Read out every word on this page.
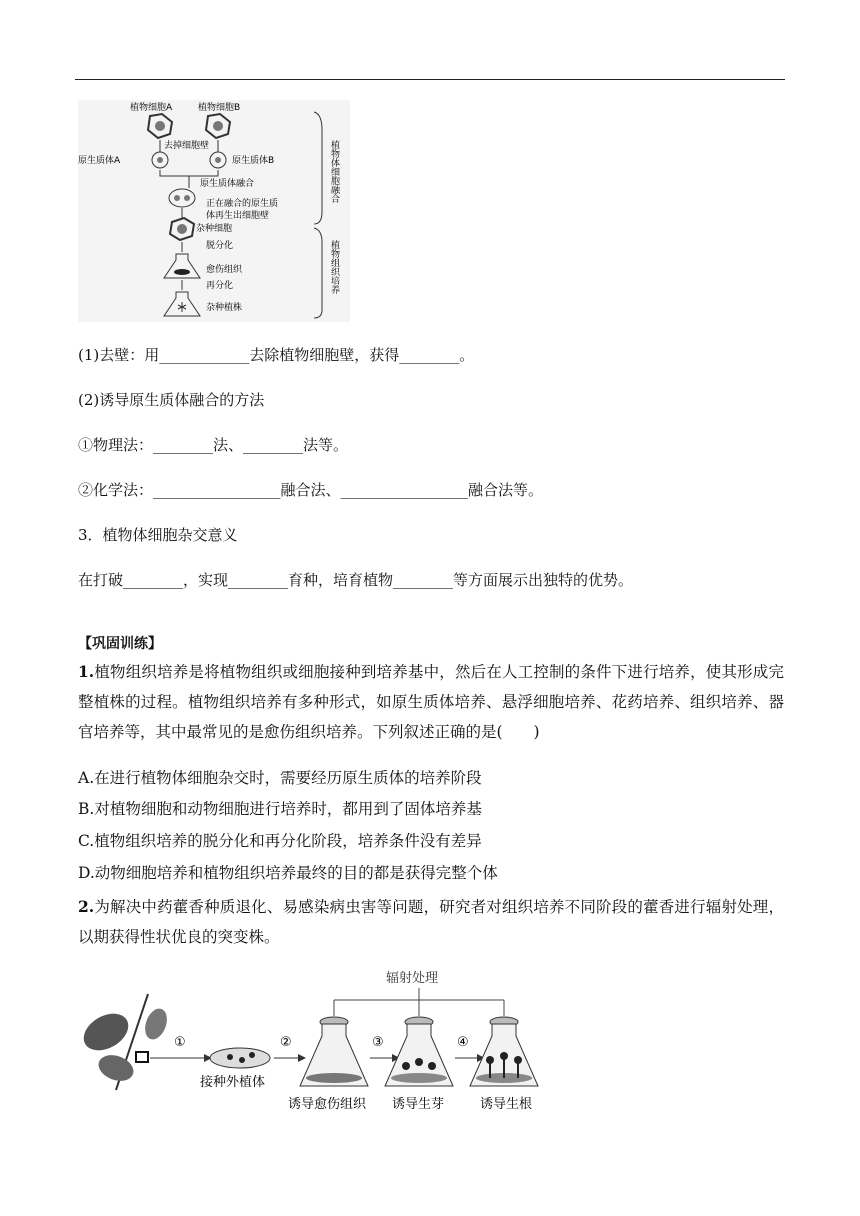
植物细胞A	植物细胞B
去掉细胞壁
原生质体A	原生质体B
原生质体融合
正在融合的原生质
体再生出细胞壁
杂种细胞
脱分化
愈伤组织
再分化
杂种植株
植物体细胞融合
植物组织培养
(1)去壁：用____________去除植物细胞壁，获得________。
(2)诱导原生质体融合的方法
①物理法：________法、________法等。
②化学法：_________________融合法、_________________融合法等。
3．植物体细胞杂交意义
在打破________，实现________育种，培育植物________等方面展示出独特的优势。
【巩固训练】
1.植物组织培养是将植物组织或细胞接种到培养基中，然后在人工控制的条件下进行培养，使其形成完整植株的过程。植物组织培养有多种形式，如原生质体培养、悬浮细胞培养、花药培养、组织培养、器官培养等，其中最常见的是愈伤组织培养。下列叙述正确的是(　　)
A.在进行植物体细胞杂交时，需要经历原生质体的培养阶段
B.对植物细胞和动物细胞进行培养时，都用到了固体培养基
C.植物组织培养的脱分化和再分化阶段，培养条件没有差异
D.动物细胞培养和植物组织培养最终的目的都是获得完整个体
2.为解决中药藿香种质退化、易感染病虫害等问题，研究者对组织培养不同阶段的藿香进行辐射处理，以期获得性状优良的突变株。
辐射处理
①
接种外植体
②
诱导愈伤组织
③
诱导生芽
④
诱导生根
